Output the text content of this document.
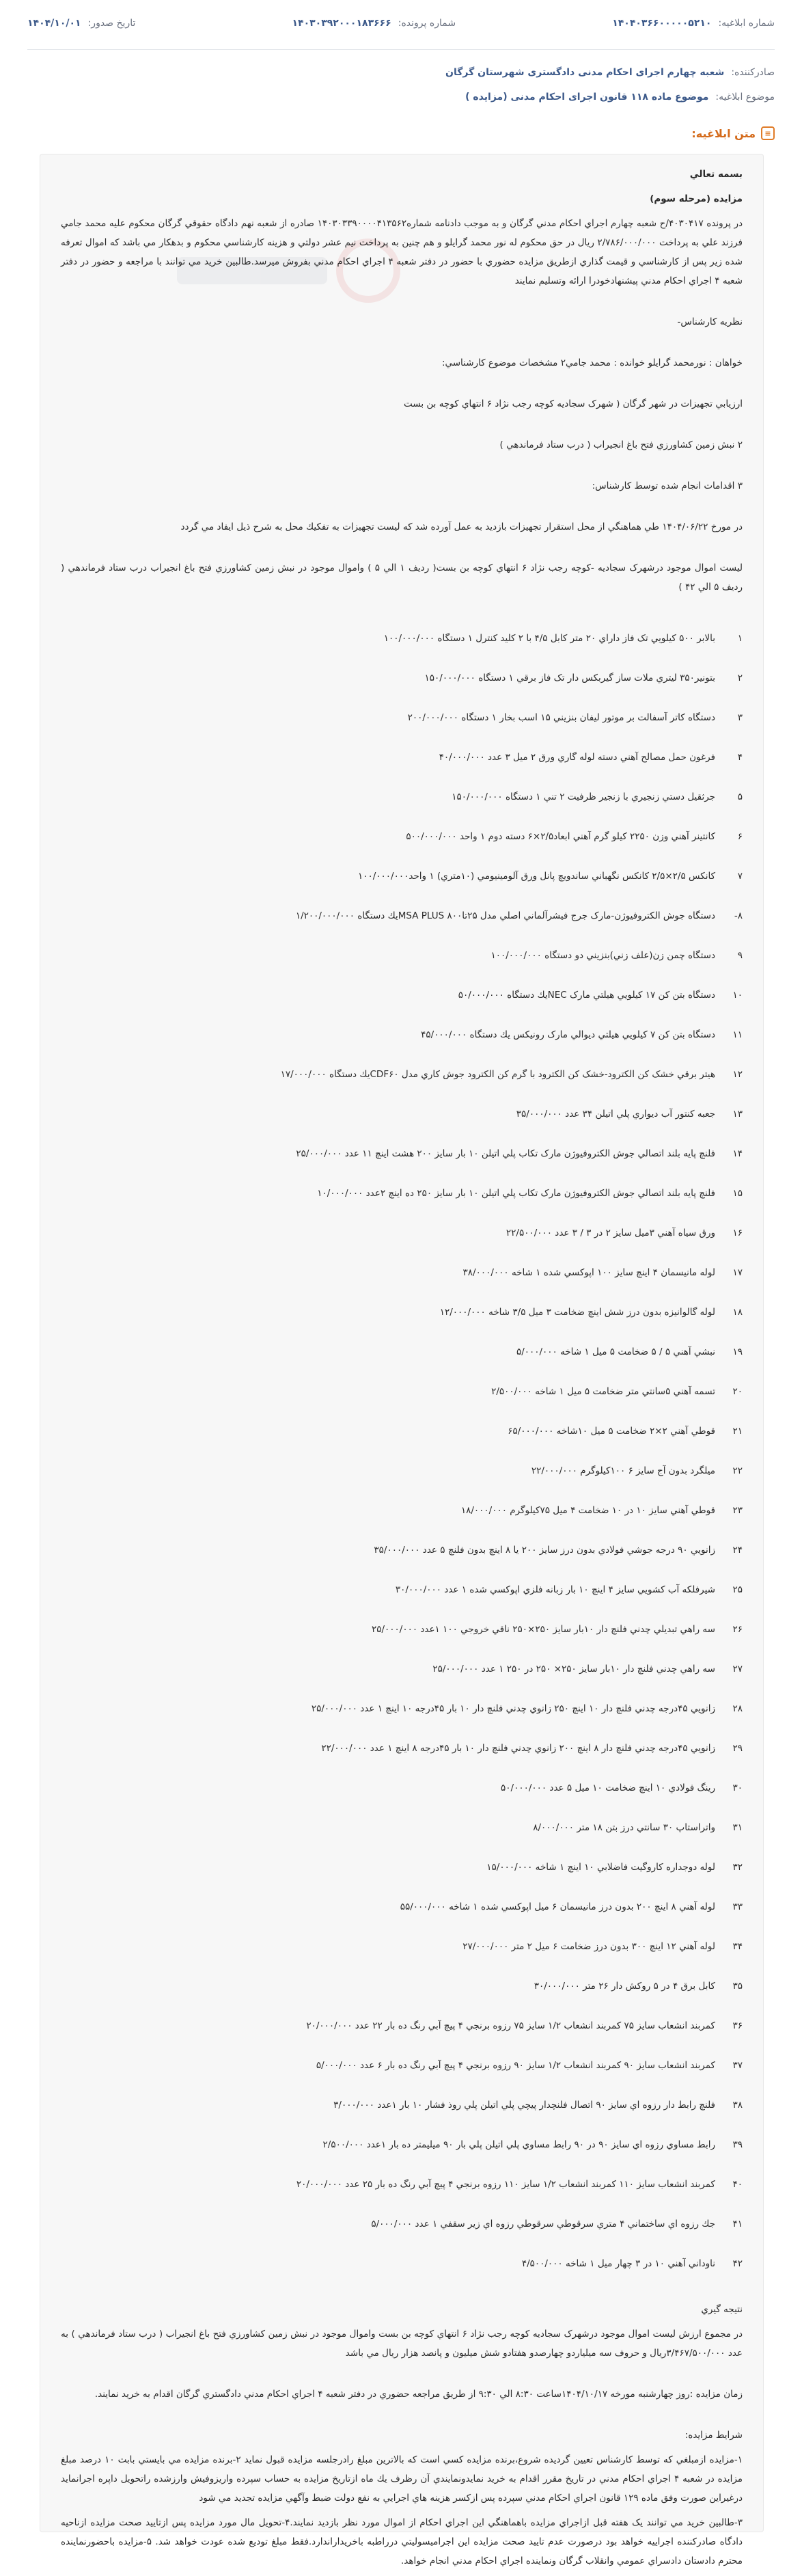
شماره ابلاغیه:
۱۴۰۴۰۳۶۶۰۰۰۰۰۵۲۱۰
شماره پرونده:
۱۴۰۳۰۳۹۲۰۰۰۱۸۳۶۶۶
تاریخ صدور:
۱۴۰۴/۱۰/۰۱
صادرکننده:
شعبه چهارم اجرای احکام مدنی دادگستری شهرستان گرگان
موضوع ابلاغیه:
موضوع ماده ۱۱۸ قانون اجرای احکام مدنی (مزایده )
≡
متن ابلاغیه:

بسمه تعالي

مزايده (مرحله سوم)

در پرونده ۴۰۳۰۴۱۷/ح شعبه چهارم اجراي احكام مدني گرگان و به موجب دادنامه شماره۱۴۰۳۰۳۳۹۰۰۰۰۴۱۳۵۶۲ صادره از شعبه نهم دادگاه حقوقي گرگان محكوم عليه محمد جامي فرزند علي به پرداخت ۲/۷۸۶/۰۰۰/۰۰۰ ريال در حق محكوم له نور محمد گرايلو و هم چنين به پرداخت نيم عشر دولتي و هزينه كارشناسي محكوم و بدهكار مي باشد كه اموال تعرفه شده زير پس از كارشناسي و قيمت گذاري ازطريق مزايده حضوري با حضور در دفتر شعبه ۴ اجراي احكام مدني بفروش ميرسد.طالبين خريد مي توانند با مراجعه و حضور در دفتر شعبه ۴ اجراي احكام مدني پيشنهادخودرا ارائه وتسليم نمايند

نظريه كارشناس-

خواهان : نورمحمد گرايلو خوانده : محمد جامي۲ مشخصات موضوع كارشناسي:

ارزيابي تجهيزات در شهر گرگان ( شهرک سجاديه كوچه رجب نژاد ۶ انتهاي كوچه بن بست

۲ نبش زمين كشاورزي فتح باغ انجيراب ( درب ستاد فرماندهي )

۳ اقدامات انجام شده توسط كارشناس:

در مورخ ۱۴۰۴/۰۶/۲۲ طي هماهنگي از محل استقرار تجهيزات بازديد به عمل آورده شد كه ليست تجهيزات به تفكيك محل به شرح ذيل ايفاد مي گردد

ليست اموال موجود درشهرک سجاديه -كوچه رجب نژاد ۶ انتهاي كوچه بن بست( رديف ۱ الي ۵ ) واموال موجود در نبش زمين كشاورزي فتح باغ انجيراب درب ستاد فرماندهي ( رديف ۵ الي ۴۲ )

۱
بالابر ۵۰۰ كيلويي تک فاز داراي ۲۰ متر كابل ۴/۵ با ۲ كليد كنترل ۱ دستگاه ۱۰۰/۰۰۰/۰۰۰
۲
بتونير۳۵۰ ليتري ملات ساز گيربكس دار تک فاز برقي ۱ دستگاه ۱۵۰/۰۰۰/۰۰۰
۳
دستگاه كاتر آسفالت بر موتور ليفان بنزيني ۱۵ اسب بخار ۱ دستگاه ۲۰۰/۰۰۰/۰۰۰
۴
فرغون حمل مصالح آهني دسته لوله گاري ورق ۲ ميل ۳ عدد ۴۰/۰۰۰/۰۰۰
۵
جرثقيل دستي زنجيري با زنجير ظرفيت ۲ تني ۱ دستگاه ۱۵۰/۰۰۰/۰۰۰
۶
كانتينر آهني وزن ۲۲۵۰ كيلو گرم آهني ابعاد۲/۵×۶ دسته دوم ۱ واحد ۵۰۰/۰۰۰/۰۰۰
۷
كانكس ۲/۵×۲/۵ كانكس نگهباني ساندويچ پانل ورق آلومينيومي (۱۰متري) ۱ واحد۱۰۰/۰۰۰/۰۰۰
۸-
دستگاه جوش الكتروفيوژن-مارک جرج فيشرآلماني اصلي مدل ۲۵تا۸۰۰ MSA PLUSيك دستگاه ۱/۲۰۰/۰۰۰/۰۰۰
۹
دستگاه چمن زن(علف زني)بنزيني دو دستگاه ۱۰۰/۰۰۰/۰۰۰
۱۰
دستگاه بتن كن ۱۷ كيلويي هيلتي مارک NECيك دستگاه ۵۰/۰۰۰/۰۰۰
۱۱
دستگاه بتن كن ۷ كيلويي هيلتي ديوالي مارک رونيكس يك دستگاه ۴۵/۰۰۰/۰۰۰
۱۲
هيتر برقي خشک كن الكترود-خشک كن الكترود با گرم كن الكترود جوش كاري مدل CDF۶۰يك دستگاه ۱۷/۰۰۰/۰۰۰
۱۳
جعبه كنتور آب ديواري پلي اتيلن ۳۴ عدد ۳۵/۰۰۰/۰۰۰
۱۴
فلنچ پايه بلند اتصالي جوش الكتروفيوژن مارک تكاب پلي اتيلن ۱۰ بار سايز ۲۰۰ هشت اينچ ۱۱ عدد ۲۵/۰۰۰/۰۰۰
۱۵
فلنچ پايه بلند اتصالي جوش الكتروفيوژن مارک تكاب پلي اتيلن ۱۰ بار سايز ۲۵۰ ده اينچ ۲عدد ۱۰/۰۰۰/۰۰۰
۱۶
ورق سياه آهني ۳ميل سايز ۲ در ۳ / ۳ عدد ۲۲/۵۰۰/۰۰۰
۱۷
لوله مانيسمان ۴ اينچ سايز ۱۰۰ اپوكسي شده ۱ شاخه ۳۸/۰۰۰/۰۰۰
۱۸
لوله گالوانيزه بدون درز شش اينچ ضخامت ۳ ميل ۳/۵ شاخه ۱۲/۰۰۰/۰۰۰
۱۹
نبشي آهني ۵ / ۵ ضخامت ۵ ميل ۱ شاخه ۵/۰۰۰/۰۰۰
۲۰
تسمه آهني ۵سانتي متر ضخامت ۵ ميل ۱ شاخه ۲/۵۰۰/۰۰۰
۲۱
قوطي آهني ۲×۲ ضخامت ۵ ميل ۱۰شاخه ۶۵/۰۰۰/۰۰۰
۲۲
ميلگرد بدون آج سايز ۶ ۱۰۰كيلوگرم ۲۲/۰۰۰/۰۰۰
۲۳
قوطي آهني سايز ۱۰ در ۱۰ ضخامت ۴ ميل ۷۵كيلوگرم ۱۸/۰۰۰/۰۰۰
۲۴
زانويي ۹۰ درجه جوشي فولادي بدون درز سايز ۲۰۰ يا ۸ اينچ بدون فلنچ ۵ عدد ۳۵/۰۰۰/۰۰۰
۲۵
شيرفلكه آب كشويي سايز ۴ اينچ ۱۰ بار زبانه فلزي اپوكسي شده ۱ عدد ۳۰/۰۰۰/۰۰۰
۲۶
سه راهي تبديلي چدني فلنچ دار ۱۰بار سايز ۲۵۰×۲۵۰ ناقي خروجي ۱۰۰ ۱عدد ۲۵/۰۰۰/۰۰۰
۲۷
سه راهي چدني فلنچ دار ۱۰بار سايز ۲۵۰× ۲۵۰ در ۲۵۰ ۱ عدد ۲۵/۰۰۰/۰۰۰
۲۸
زانويي ۴۵درجه چدني فلنچ دار ۱۰ اينچ ۲۵۰ زانوي چدني فلنچ دار ۱۰ بار ۴۵درجه ۱۰ اينچ ۱ عدد ۲۵/۰۰۰/۰۰۰
۲۹
زانويي ۴۵درجه چدني فلنچ دار ۸ اينچ ۲۰۰ زانوي چدني فلنچ دار ۱۰ بار ۴۵درجه ۸ اينچ ۱ عدد ۲۲/۰۰۰/۰۰۰
۳۰
رينگ فولادي ۱۰ اينچ ضخامت ۱۰ ميل ۵ عدد ۵۰/۰۰۰/۰۰۰
۳۱
واتراستاپ ۳۰ سانتي درز بتن ۱۸ متر ۸/۰۰۰/۰۰۰
۳۲
لوله دوجداره كاروگيت فاضلابي ۱۰ اينچ ۱ شاخه ۱۵/۰۰۰/۰۰۰
۳۳
لوله آهني ۸ اينچ ۲۰۰ بدون درز مانيسمان ۶ ميل اپوكسي شده ۱ شاخه ۵۵/۰۰۰/۰۰۰
۳۴
لوله آهني ۱۲ اينچ ۳۰۰ بدون درز ضخامت ۶ ميل ۲ متر ۲۷/۰۰۰/۰۰۰
۳۵
كابل برق ۴ در ۵ روكش دار ۲۶ متر ۳۰/۰۰۰/۰۰۰
۳۶
كمربند انشعاب سايز ۷۵ كمربند انشعاب ۱/۲ سايز ۷۵ رزوه برنجي ۴ پيچ آبي رنگ ده بار ۲۲ عدد ۲۰/۰۰۰/۰۰۰
۳۷
كمربند انشعاب سايز ۹۰ كمربند انشعاب ۱/۲ سايز ۹۰ رزوه برنجي ۴ پيچ آبي رنگ ده بار ۶ عدد ۵/۰۰۰/۰۰۰
۳۸
فلنچ رابط دار رزوه اي سايز ۹۰ اتصال فلنچدار پيچي پلي اتيلن پلي روذ فشار ۱۰ بار ۱عدد ۳/۰۰۰/۰۰۰
۳۹
رابط مساوي رزوه اي سايز ۹۰ در ۹۰ رابط مساوي پلي اتيلن پلي بار ۹۰ ميليمتر ده بار ۱عدد ۲/۵۰۰/۰۰۰
۴۰
كمربند انشعاب سايز ۱۱۰ كمربند انشعاب ۱/۲ سايز ۱۱۰ رزوه برنجي ۴ پيچ آبي رنگ ده بار ۲۵ عدد ۲۰/۰۰۰/۰۰۰
۴۱
جك رزوه اي ساختماني ۴ متري سرقوطي سرقوطي رزوه اي زير سقفي ۱ عدد ۵/۰۰۰/۰۰۰
۴۲
ناوداني آهني ۱۰ در ۳ چهار ميل ۱ شاخه ۴/۵۰۰/۰۰۰

نتيجه گيري

در مجموع ارزش ليست اموال موجود درشهرک سجاديه كوچه رجب نژاد ۶ انتهاي كوچه بن بست واموال موجود در نبش زمين كشاورزي فتح باغ انجيراب ( درب ستاد فرماندهي ) به عدد ۳/۴۶۷/۵۰۰/۰۰۰ريال و حروف سه ميلياردو چهارصدو هفتادو شش ميليون و پانصد هزار ريال مي باشد

زمان مزايده :روز چهارشنبه مورخه ۱۴۰۴/۱۰/۱۷ساعت ۸:۳۰ الي ۹:۳۰ از طريق مراجعه حضوري در دفتر شعبه ۴ اجراي احكام مدني دادگستري گرگان اقدام به خريد نمايند.

شرايط مزايده:

۱-مزايده ازمبلغي كه توسط كارشناس تعيين گرديده شروع،برنده مزايده كسي است كه بالاترين مبلغ رادرجلسه مزايده قبول نمايد ۲-برنده مزايده مي بايستي بابت ۱۰ درصد مبلغ مزايده در شعبه ۴ اجراي احكام مدني در تاريخ مقرر اقدام به خريد نمايدونمايندي آن رظرف يك ماه ازتاريخ مزايده به حساب سپرده واريزوفيش وارزشده راتحويل داپره اجرانمايد درغيراين صورت وفق ماده ۱۲۹ قانون اجراي احكام مدني سپرده پس ازكسر هزينه هاي اجرايي به نفع دولت ضبط وآگهي مزايده تجديد مي شود

۳-طالبين خريد مي توانند يک هفته قبل ازاجراي مزايده باهماهنگي اين اجراي احكام از اموال مورد نظر بازديد نمايند.۴-تحويل مال مورد مزايده پس ازتاييد صحت مزايده ازناحيه دادگاه صادركننده اجراييه خواهد بود درصورت عدم تاييد صحت مزايده اين اجراميسوليتي درراطبه باخريداراندارد.فقط مبلغ توديع شده عودت خواهد شد. ۵-مزايده باحضورنماينده محترم دادستان دادسراي عمومي وانقلاب گرگان ونماينده اجراي احكام مدني انجام خواهد.
